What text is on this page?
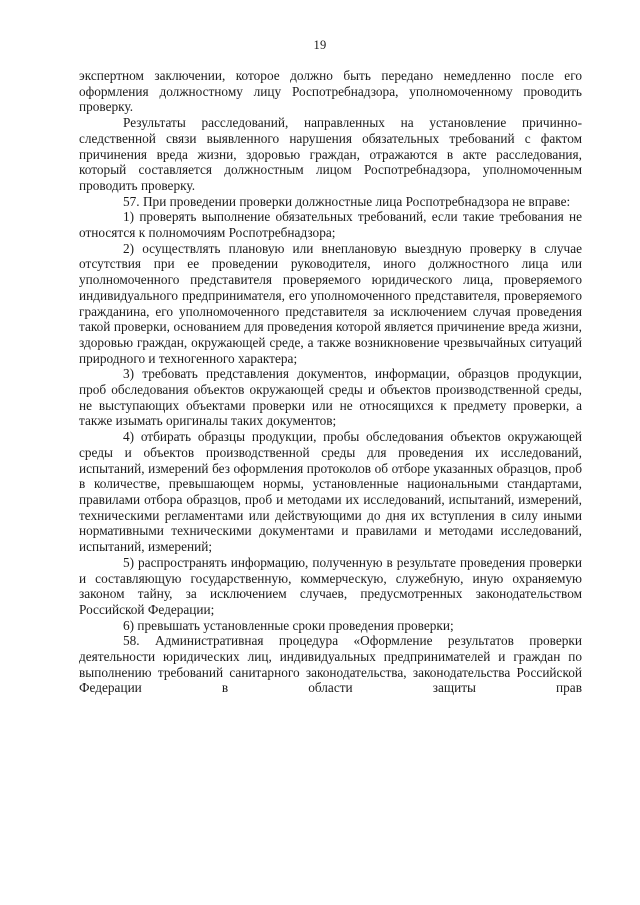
19

экспертном заключении, которое должно быть передано немедленно после его оформления должностному лицу Роспотребнадзора, уполномоченному проводить проверку.

Результаты расследований, направленных на установление причинно-следственной связи выявленного нарушения обязательных требований с фактом причинения вреда жизни, здоровью граждан, отражаются в акте расследования, который составляется должностным лицом Роспотребнадзора, уполномоченным проводить проверку.

57. При проведении проверки должностные лица Роспотребнадзора не вправе:

1) проверять выполнение обязательных требований, если такие требования не относятся к полномочиям Роспотребнадзора;

2) осуществлять плановую или внеплановую выездную проверку в случае отсутствия при ее проведении руководителя, иного должностного лица или уполномоченного представителя проверяемого юридического лица, проверяемого индивидуального предпринимателя, его уполномоченного представителя, проверяемого гражданина, его уполномоченного представителя за исключением случая проведения такой проверки, основанием для проведения которой является причинение вреда жизни, здоровью граждан, окружающей среде, а также возникновение чрезвычайных ситуаций природного и техногенного характера;

3) требовать представления документов, информации, образцов продукции, проб обследования объектов окружающей среды и объектов производственной среды, не выступающих объектами проверки или не относящихся к предмету проверки, а также изымать оригиналы таких документов;

4) отбирать образцы продукции, пробы обследования объектов окружающей среды и объектов производственной среды для проведения их исследований, испытаний, измерений без оформления протоколов об отборе указанных образцов, проб в количестве, превышающем нормы, установленные национальными стандартами, правилами отбора образцов, проб и методами их исследований, испытаний, измерений, техническими регламентами или действующими до дня их вступления в силу иными нормативными техническими документами и правилами и методами исследований, испытаний, измерений;

5) распространять информацию, полученную в результате проведения проверки и составляющую государственную, коммерческую, служебную, иную охраняемую законом тайну, за исключением случаев, предусмотренных законодательством Российской Федерации;

6) превышать установленные сроки проведения проверки;

58. Административная процедура «Оформление результатов проверки деятельности юридических лиц, индивидуальных предпринимателей и граждан по выполнению требований санитарного законодательства, законодательства Российской Федерации в области защиты прав
